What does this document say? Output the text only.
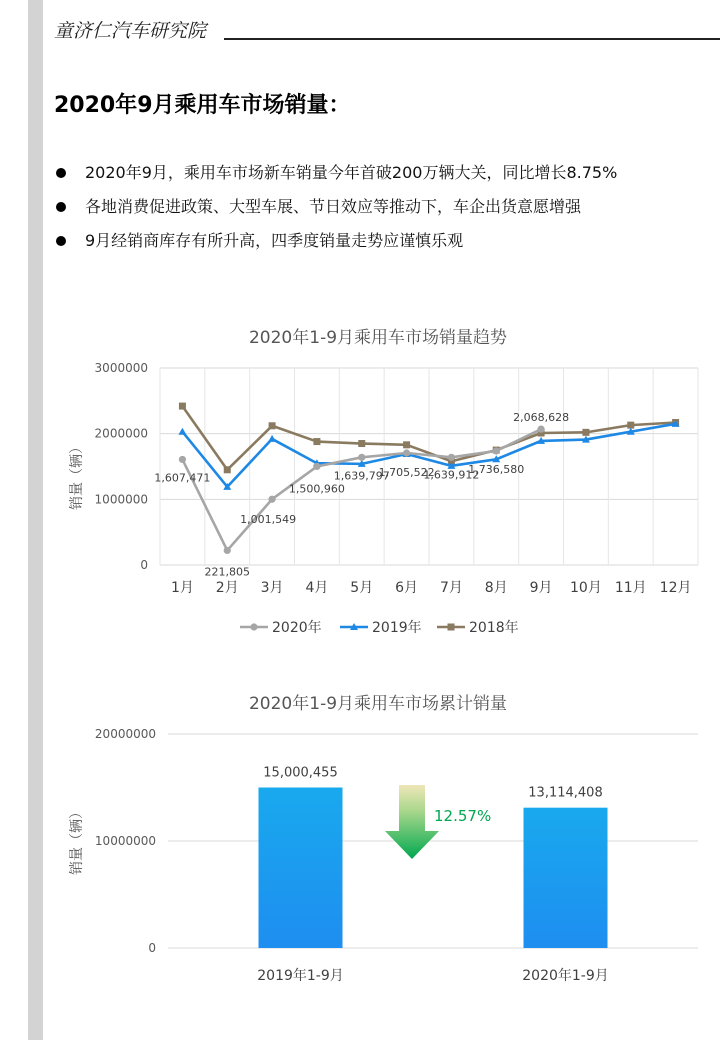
童济仁汽车研究院
2020年9月乘用车市场销量：
2020年9月，乘用车市场新车销量今年首破200万辆大关，同比增长8.75%
各地消费促进政策、大型车展、节日效应等推动下，车企出货意愿增强
9月经销商库存有所升高，四季度销量走势应谨慎乐观
2020年1-9月乘用车市场销量趋势
销量（辆）
0
1000000
2000000
3000000
1月 2月 3月 4月 5月 6月 7月 8月 9月 10月 11月 12月
1,607,471
221,805
1,001,549
1,500,960
1,639,797
1,705,522
1,639,912
1,736,580
2,068,628
2020年	2019年	2018年
2020年1-9月乘用车市场累计销量
销量（辆）
0
10000000
20000000
15,000,455
13,114,408
2019年1-9月	2020年1-9月
12.57%
